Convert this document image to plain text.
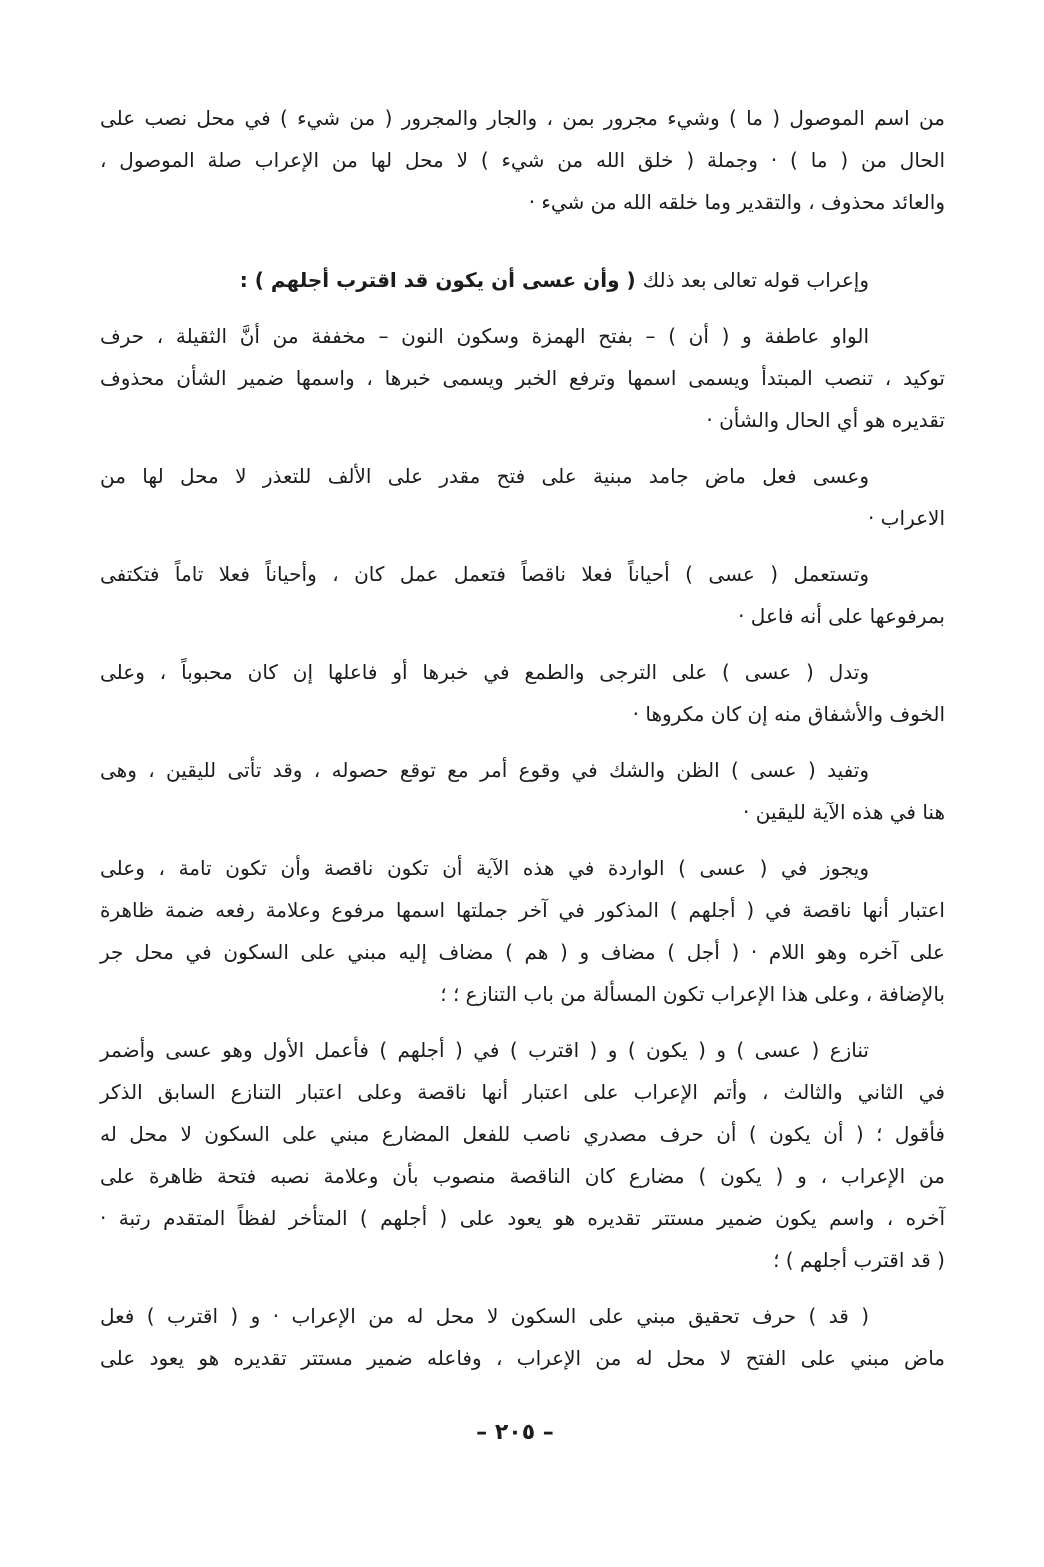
من اسم الموصول ( ما ) وشيء مجرور بمن ، والجار والمجرور ( من شيء ) في محل نصب على
الحال من ( ما ) · وجملة ( خلق الله من شيء ) لا محل لها من الإعراب صلة الموصول ،
والعائد محذوف ، والتقدير وما خلقه الله من شيء ·
وإعراب قوله تعالى بعد ذلك( وأن عسى أن يكون قد اقترب أجلهم ) :
الواو عاطفة و ( أن ) – بفتح الهمزة وسكون النون – مخففة من أنَّ الثقيلة ، حرف
توكيد ، تنصب المبتدأ ويسمى اسمها وترفع الخبر ويسمى خبرها ، واسمها ضمير الشأن محذوف
تقديره هو أي الحال والشأن ·
وعسى فعل ماض جامد مبنية على فتح مقدر على الألف للتعذر لا محل لها من
الاعراب ·
وتستعمل ( عسى ) أحياناً فعلا ناقصاً فتعمل عمل كان ، وأحياناً فعلا تاماً فتكتفى
بمرفوعها على أنه فاعل ·
وتدل ( عسى ) على الترجى والطمع في خبرها أو فاعلها إن كان محبوباً ، وعلى
الخوف والأشفاق منه إن كان مكروها ·
وتفيد ( عسى ) الظن والشك في وقوع أمر مع توقع حصوله ، وقد تأتى لليقين ، وهى
هنا في هذه الآية لليقين ·
ويجوز في ( عسى ) الواردة في هذه الآية أن تكون ناقصة وأن تكون تامة ، وعلى
اعتبار أنها ناقصة في ( أجلهم ) المذكور في آخر جملتها اسمها مرفوع وعلامة رفعه ضمة ظاهرة
على آخره وهو اللام · ( أجل ) مضاف و ( هم ) مضاف إليه مبني على السكون في محل جر
بالإضافة ، وعلى هذا الإعراب تكون المسألة من باب التنازع ؛ ؛
تنازع ( عسى ) و ( يكون ) و ( اقترب ) في ( أجلهم ) فأعمل الأول وهو عسى وأضمر
في الثاني والثالث ، وأتم الإعراب على اعتبار أنها ناقصة وعلى اعتبار التنازع السابق الذكر
فأقول ؛ ( أن يكون ) أن حرف مصدري ناصب للفعل المضارع مبني على السكون لا محل له
من الإعراب ، و ( يكون ) مضارع كان الناقصة منصوب بأن وعلامة نصبه فتحة ظاهرة على
آخره ، واسم يكون ضمير مستتر تقديره هو يعود على ( أجلهم ) المتأخر لفظاً المتقدم رتبة ·
( قد اقترب أجلهم ) ؛
( قد ) حرف تحقيق مبني على السكون لا محل له من الإعراب · و ( اقترب ) فعل
ماض مبني على الفتح لا محل له من الإعراب ، وفاعله ضمير مستتر تقديره هو يعود على
– ٢٠٥ –
